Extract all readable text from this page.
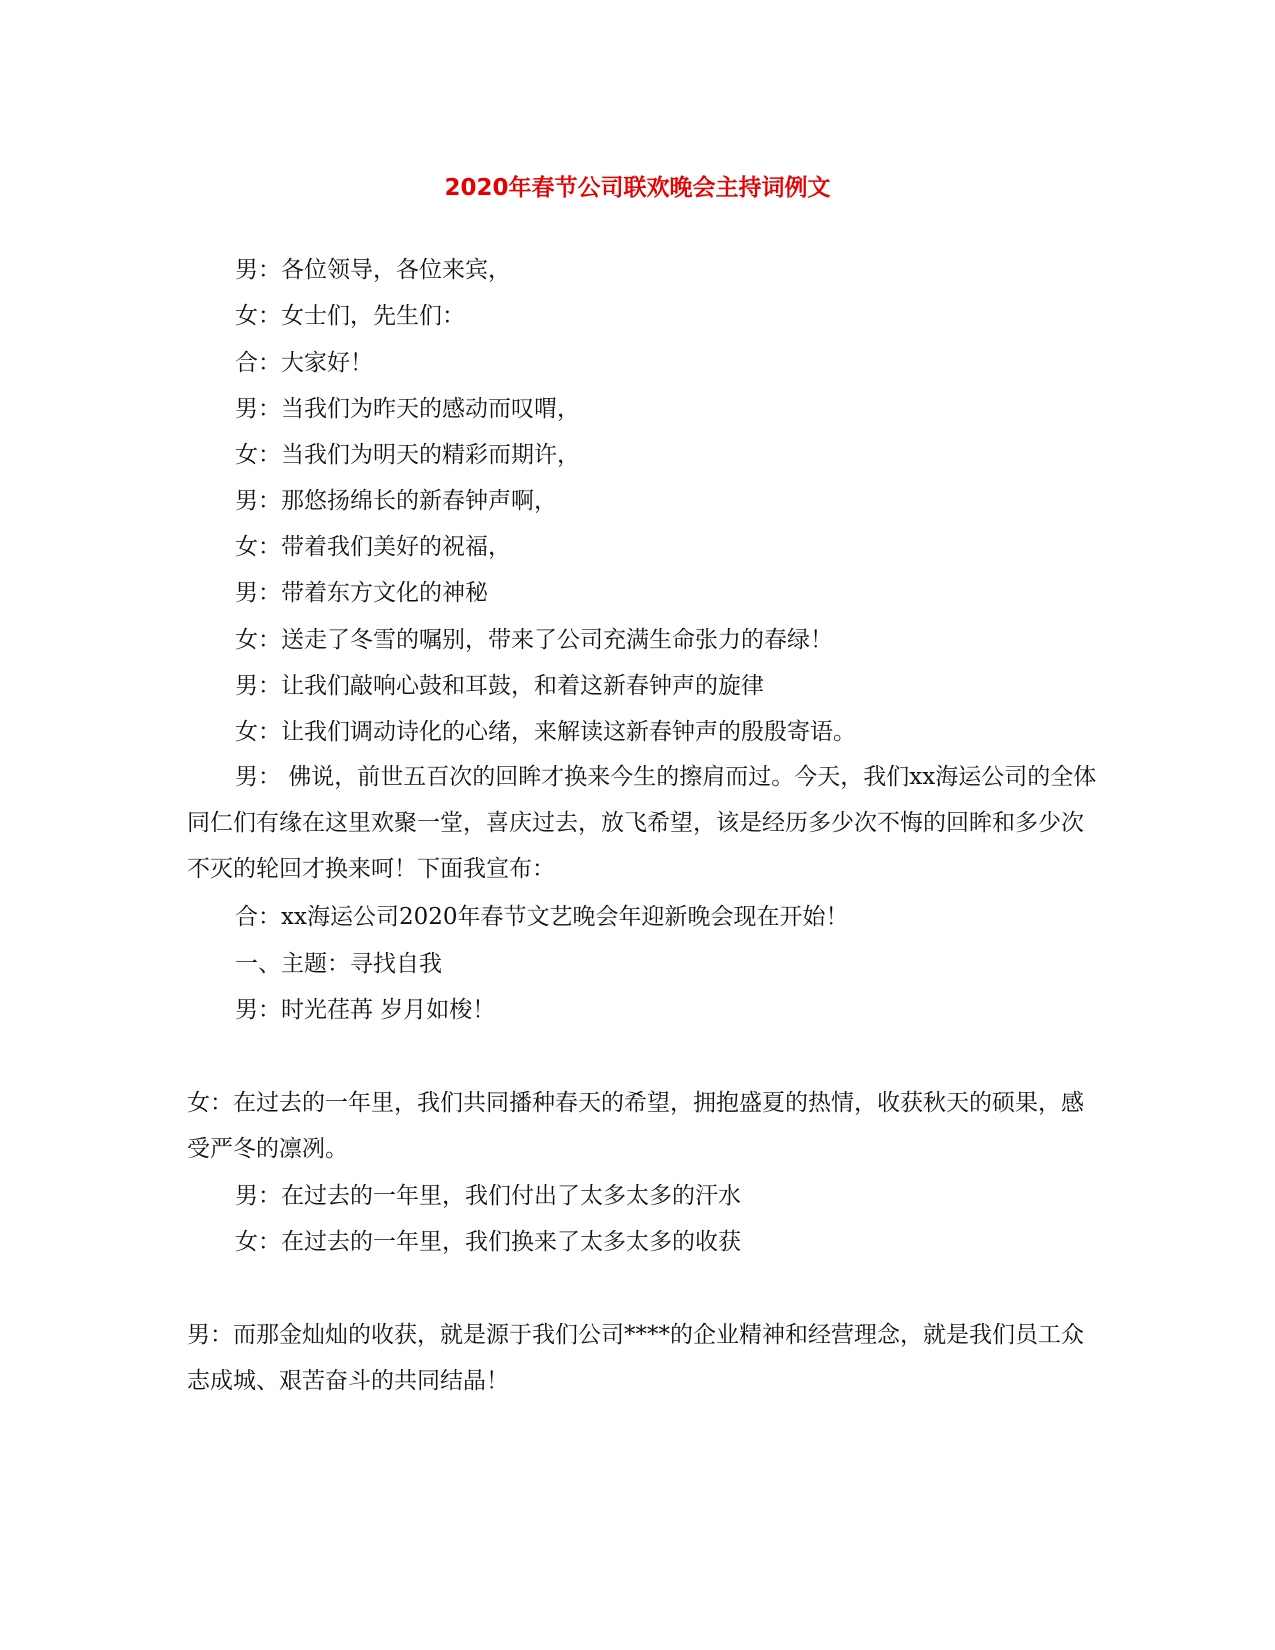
2020年春节公司联欢晚会主持词例文
男：各位领导，各位来宾，
女：女士们，先生们：
合：大家好！
男：当我们为昨天的感动而叹喟，
女：当我们为明天的精彩而期许，
男：那悠扬绵长的新春钟声啊，
女：带着我们美好的祝福，
男：带着东方文化的神秘
女：送走了冬雪的嘱别，带来了公司充满生命张力的春绿！
男：让我们敲响心鼓和耳鼓，和着这新春钟声的旋律
女：让我们调动诗化的心绪，来解读这新春钟声的殷殷寄语。
男： 佛说，前世五百次的回眸才换来今生的擦肩而过。今天，我们xx海运公司的全体同仁们有缘在这里欢聚一堂，喜庆过去，放飞希望，该是经历多少次不悔的回眸和多少次不灭的轮回才换来呵！下面我宣布：
合：xx海运公司2020年春节文艺晚会年迎新晚会现在开始！
一、主题：寻找自我
男：时光荏苒 岁月如梭！
女：在过去的一年里，我们共同播种春天的希望，拥抱盛夏的热情，收获秋天的硕果，感受严冬的凛冽。
男：在过去的一年里，我们付出了太多太多的汗水
女：在过去的一年里，我们换来了太多太多的收获
男：而那金灿灿的收获，就是源于我们公司****的企业精神和经营理念，就是我们员工众志成城、艰苦奋斗的共同结晶！
